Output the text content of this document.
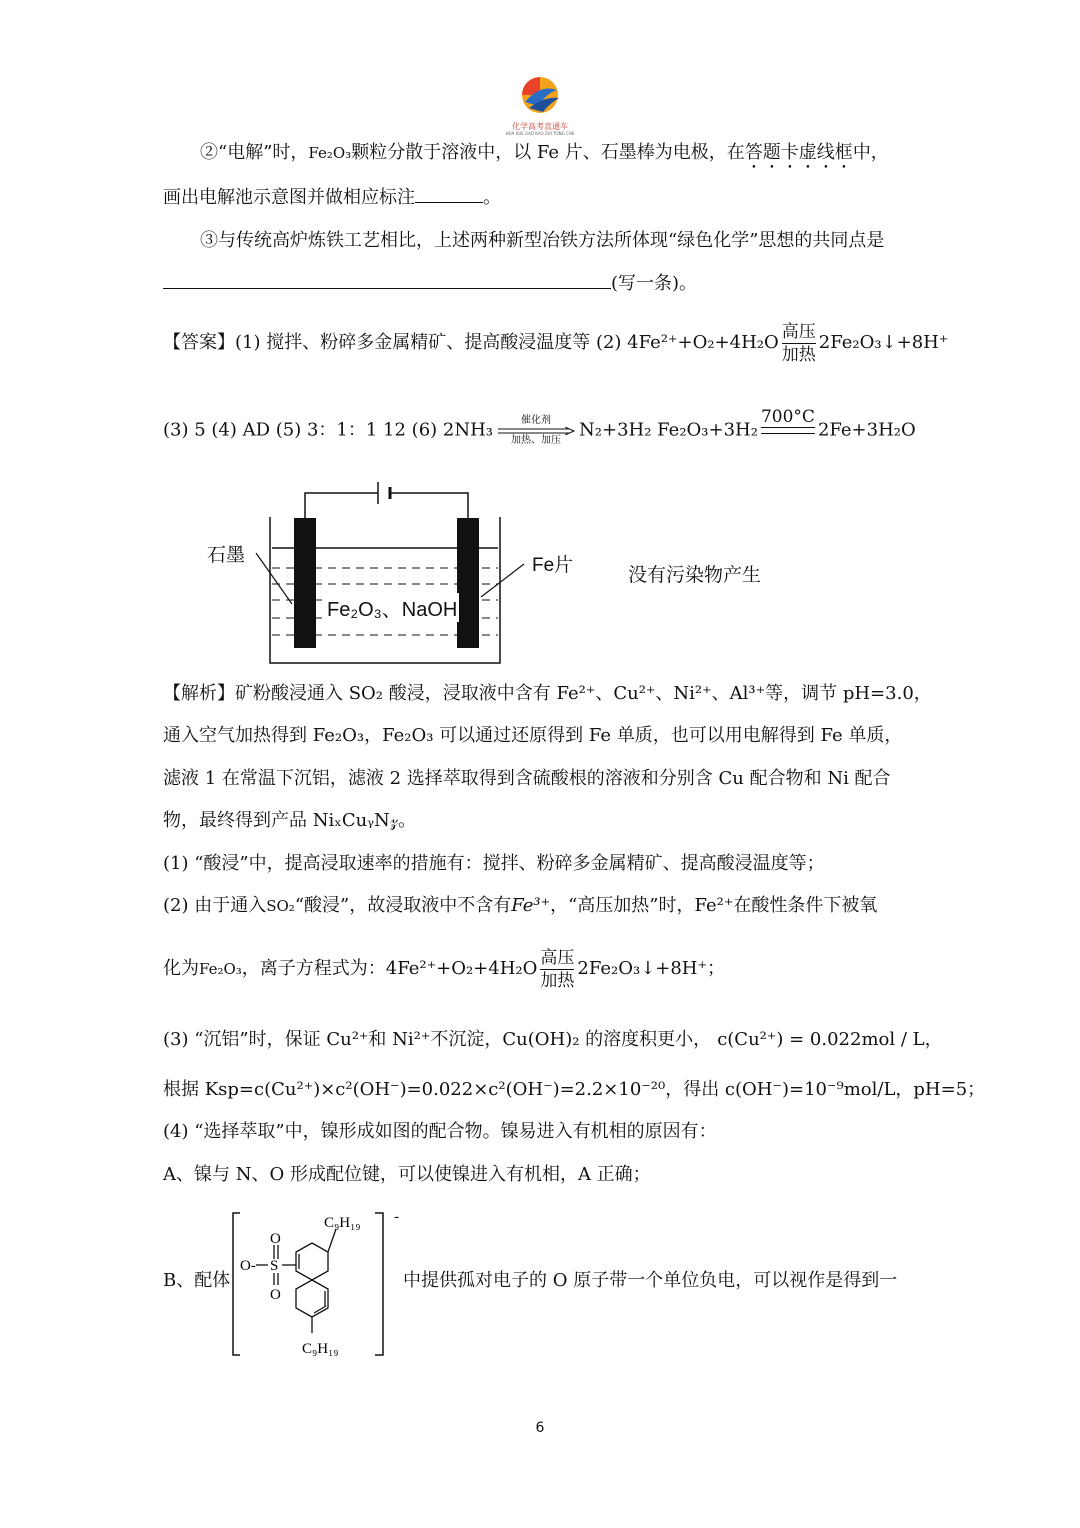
化学高考直通车
HUA XUE GAO KAO ZHI TONG CHE
②“电解”时，Fe₂O₃颗粒分散于溶液中，以 Fe 片、石墨棒为电极，在答题卡虚线框中，
画出电解池示意图并做相应标注	。
③与传统高炉炼铁工艺相比，上述两种新型冶铁方法所体现“绿色化学”思想的共同点是
(写一条)。
【答案】(1) 搅拌、粉碎多金属精矿、提高酸浸温度等 (2) $4Fe^{2+}+O_2+4H_2O \frac{\text{高压}}{\text{加热}}$ 2Fe₂O₃↓+8H⁺
(3) 5 (4) AD (5) 3：1：1 12 (6) 2NH₃	催化剂
加热、加压	N₂+3H₂ Fe₂O₃+3H₂
700°C
2Fe+3H₂O
石墨	Fe片
Fe₂O₃、NaOH
没有污染物产生
【解析】矿粉酸浸通入 SO₂ 酸浸，浸取液中含有 Fe²⁺、Cu²⁺、Ni²⁺、Al³⁺等，调节 pH=3.0，
通入空气加热得到 Fe₂O₃，Fe₂O₃ 可以通过还原得到 Fe 单质，也可以用电解得到 Fe 单质，
滤液 1 在常温下沉铝，滤液 2 选择萃取得到含硫酸根的溶液和分别含 Cu 配合物和 Ni 配合
物，最终得到产品 NiₓCuᵧN𝓏。
(1) “酸浸”中，提高浸取速率的措施有：搅拌、粉碎多金属精矿、提高酸浸温度等；
(2) 由于通入SO₂“酸浸”，故浸取液中不含有Fe³⁺，“高压加热”时，Fe²⁺在酸性条件下被氧
化为Fe₂O₃，离子方程式为：$4Fe^{2+}+O_2+4H_2O \frac{\text{高压}}{\text{加热}}$ 2Fe₂O₃↓+8H⁺；
(3) “沉铝”时，保证 Cu²⁺和 Ni²⁺不沉淀，Cu(OH)₂ 的溶度积更小， c(Cu²⁺) = 0.022mol / L，
根据 Ksp=c(Cu²⁺)×c²(OH⁻)=0.022×c²(OH⁻)=2.2×10⁻²⁰，得出 c(OH⁻)=10⁻⁹mol/L，pH=5；
(4) “选择萃取”中，镍形成如图的配合物。镍易进入有机相的原因有：
A、镍与 N、O 形成配位键，可以使镍进入有机相，A 正确；
B、配体	中提供孤对电子的 O 原子带一个单位负电，可以视作是得到一
C₉H₁₉
C₉H₁₉
-
O- S
O
O
6
